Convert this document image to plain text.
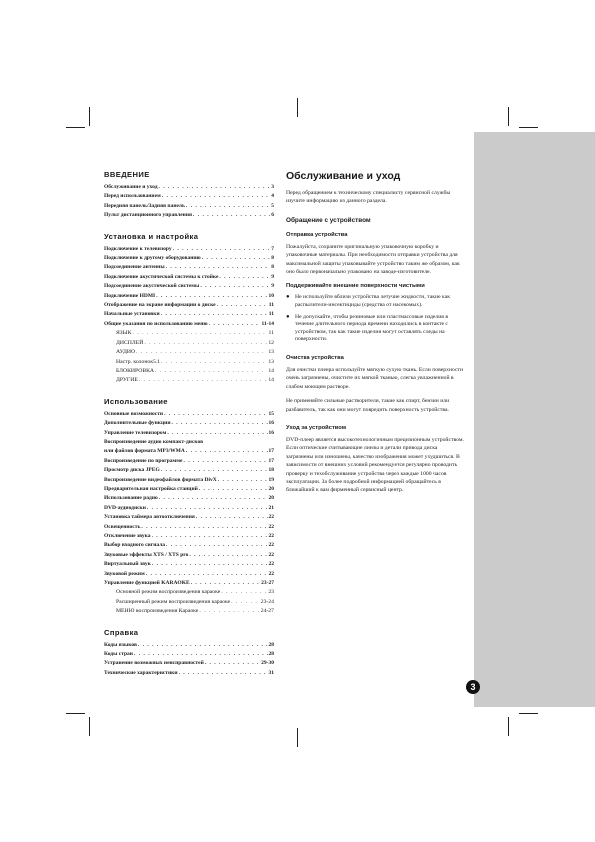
3
ВВЕДЕНИЕ
Обслуживание и уход . . .	3
Перед использованием . . .	4
Передняя панель/Задняя панель . . .	5
Пульт дистанционного управления . . .	6
Установка и настройка
Подключение к телевизору . . .	7
Подключение к другому оборудованию . . .	8
Подсоединение антенны . . .	8
Подключение акустической системы к стойке . . .	9
Подсоединение акустической системы . . .	9
Подключение HDMI . . .	10
Отображение на экране информации о диске . . .	11
Начальные установки . . .	11
Общие указания по использованию меню . . .	11-14
ЯЗЫК . . .	11
ДИСПЛЕЙ . . .	12
АУДИО . . .	13
Настр. колонок5.1 . . .	13
БЛОКИРОВКА . . .	14
ДРУГИЕ . . .	14
Использование
Основные возможности . . .	15
Дополнительные функции . . .	16
Управление телевизором . . .	16
Воспроизведение аудио компакт-дисков
или файлов формата MP3/WMA . . .	17
Воспроизведение по программе . . .	17
Просмотр диска JPEG . . .	18
Воспроизведение видеофайлов формата DivX . . .	19
Предварительная настройка станций . . .	20
Использование радио . . .	20
DVD-аудиодиски . . .	21
Установка таймера автоотключения . . .	22
Освещенность . . .	22
Отключение звука . . .	22
Выбор входного сигнала . . .	22
Звуковые эффекты XTS / XTS pro . . .	22
Виртуальный звук . . .	22
Звуковой режим . . .	22
Управление функцией KARAOKE . . .	23-27
Основной режим воспроизведения караоке . . .	23
Расширенный режим воспроизведения караоке . . .	23-24
МЕНЮ воспроизведения Караоке . . .	24-27
Справка
Коды языков . . .	28
Коды стран . . .	28
Устранение возможных неисправностей . . .	29-30
Технические характеристики . . .	31
Обслуживание и уход
Перед обращением к техническому специалисту сервисной службы изучите информацию из данного раздела.
Обращение с устройством
Отправка устройства
Пожалуйста, сохраните оригинальную упаковочную коробку и упаковочные материалы. При необходимости отправки устройства для максимальной защиты упаковывайте устройство таким же образом, как оно было первоначально упаковано на заводе-изготовителе.
Поддерживайте внешние поверхности чистыми
● Не используйте вблизи устройства летучие жидкости, такие как распылители-инсектициды (средства от насекомых).
● Не допускайте, чтобы резиновые или пластмассовые изделия в течение длительного периода времени находились в контакте с устройством, так как такие изделия могут оставлять следы на поверхности.
Очистка устройства
Для очистки плеера используйте мягкую сухую ткань. Если поверхности очень загрязнены, очистите их мягкой тканью, слегка увлажненной в слабом моющем растворе.
Не применяйте сильные растворители, такие как спирт, бензин или разбавитель, так как они могут повредить поверхность устройства.
Уход за устройством
DVD-плеер является высокотехнологичным прецизионным устройством. Если оптические считывающие линзы и детали привода диска загрязнены или изношены, качество изображения может ухудшиться. В зависимости от внешних условий рекомендуется регулярно проводить проверку и техобслуживание устройства через каждые 1000 часов эксплуатации. За более подробной информацией обращайтесь в ближайший к вам фирменный сервисный центр.
